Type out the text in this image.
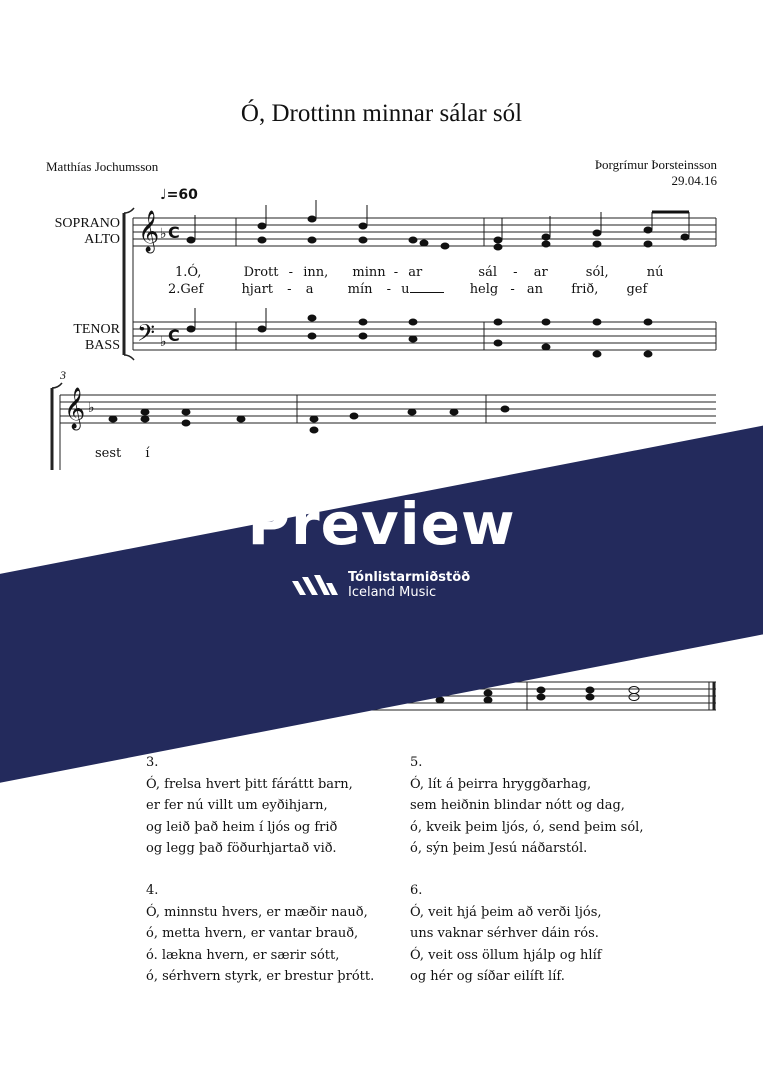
Ó, Drottinn minnar sálar sól
Matthías Jochumsson	Þorgrímur Þorsteinsson
29.04.16
♩=60
SOPRANO
ALTO
TENOR
BASS
3
𝄞 ♭ C
𝄢 ♭ C
𝄞 ♭
1.Ó,	Drott - inn, minn - ar	sál - ar	sól,	nú
2.Gef	hjart - a	mín - u	helg - an frið, gef
sest í
Preview
Tónlistarmiðstöð
Iceland Music
3.
Ó, frelsa hvert þitt fáráttt barn,
er fer nú villt um eyðihjarn,
og leið það heim í ljós og frið
og legg það föðurhjartað við.
5.
Ó, lít á þeirra hryggðarhag,
sem heiðnin blindar nótt og dag,
ó, kveik þeim ljós, ó, send þeim sól,
ó, sýn þeim Jesú náðarstól.
4.
Ó, minnstu hvers, er mæðir nauð,
ó, metta hvern, er vantar brauð,
ó. lækna hvern, er særir sótt,
ó, sérhvern styrk, er brestur þrótt.
6.
Ó, veit hjá þeim að verði ljós,
uns vaknar sérhver dáin rós.
Ó, veit oss öllum hjálp og hlíf
og hér og síðar eilíft líf.
